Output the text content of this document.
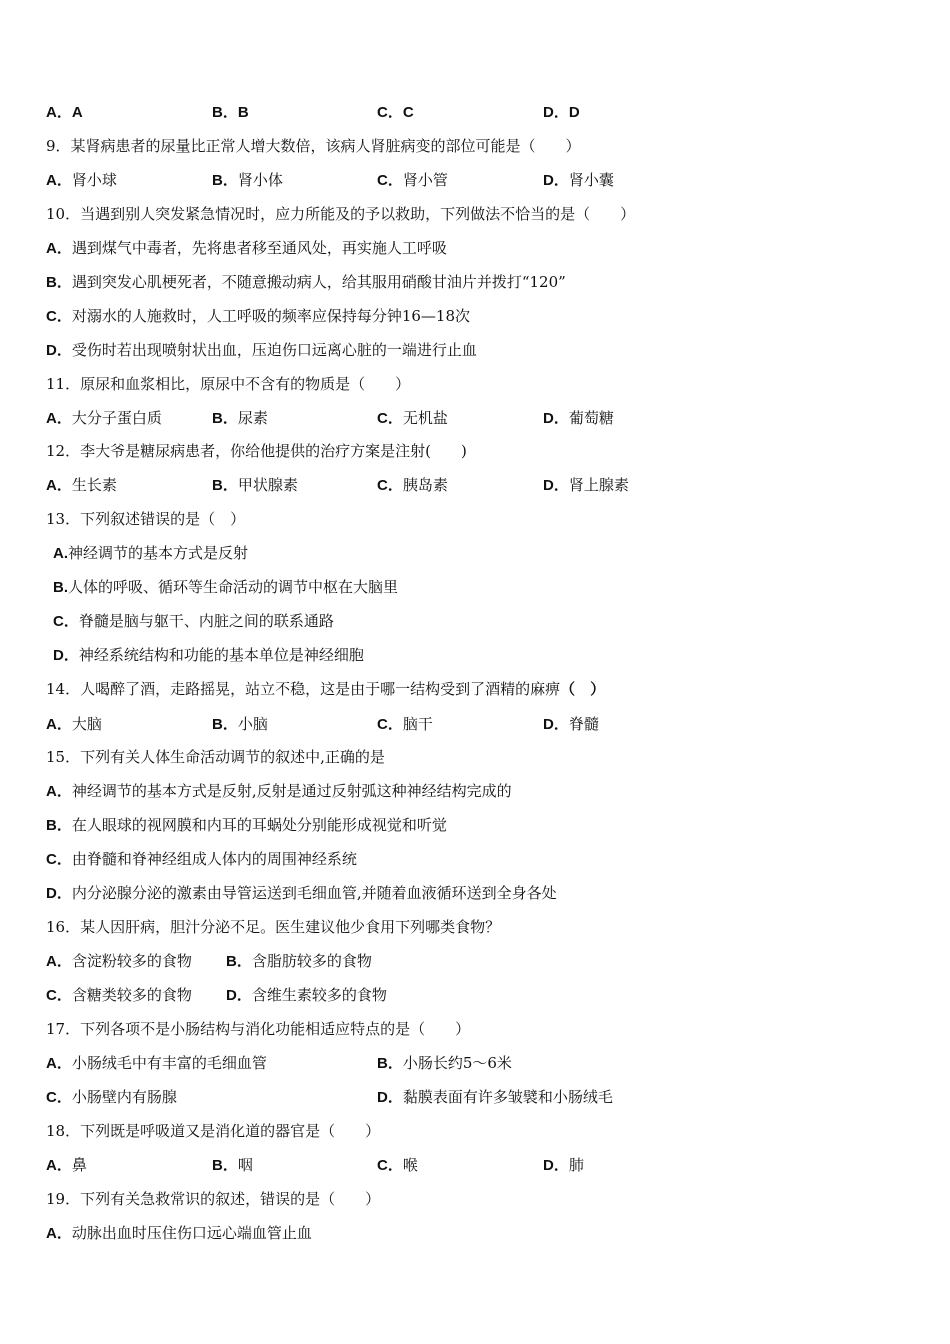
A．A	B．B	C．C	D．D
9．某肾病患者的尿量比正常人增大数倍，该病人肾脏病变的部位可能是（　　）
A．肾小球	B．肾小体	C．肾小管	D．肾小囊
10．当遇到别人突发紧急情况时，应力所能及的予以救助，下列做法不恰当的是（　　）
A．遇到煤气中毒者，先将患者移至通风处，再实施人工呼吸
B．遇到突发心肌梗死者，不随意搬动病人，给其服用硝酸甘油片并拨打“120”
C．对溺水的人施救时，人工呼吸的频率应保持每分钟16—18次
D．受伤时若出现喷射状出血，压迫伤口远离心脏的一端进行止血
11．原尿和血浆相比，原尿中不含有的物质是（　　）
A．大分子蛋白质	B．尿素	C．无机盐	D．葡萄糖
12．李大爷是糖尿病患者，你给他提供的治疗方案是注射(　　)
A．生长素	B．甲状腺素	C．胰岛素	D．肾上腺素
13．下列叙述错误的是（　）
A.神经调节的基本方式是反射
B.人体的呼吸、循环等生命活动的调节中枢在大脑里
C．脊髓是脑与躯干、内脏之间的联系通路
D．神经系统结构和功能的基本单位是神经细胞
14．人喝醉了酒，走路摇晃，站立不稳，这是由于哪一结构受到了酒精的麻痹（　）
A．大脑	B．小脑	C．脑干	D．脊髓
15．下列有关人体生命活动调节的叙述中,正确的是
A．神经调节的基本方式是反射,反射是通过反射弧这种神经结构完成的
B．在人眼球的视网膜和内耳的耳蜗处分别能形成视觉和听觉
C．由脊髓和脊神经组成人体内的周围神经系统
D．内分泌腺分泌的激素由导管运送到毛细血管,并随着血液循环送到全身各处
16．某人因肝病，胆汁分泌不足。医生建议他少食用下列哪类食物？
A．含淀粉较多的食物 B．含脂肪较多的食物
C．含糖类较多的食物 D．含维生素较多的食物
17．下列各项不是小肠结构与消化功能相适应特点的是（　　）
A．小肠绒毛中有丰富的毛细血管	B．小肠长约5～6米
C．小肠壁内有肠腺	D．黏膜表面有许多皱襞和小肠绒毛
18．下列既是呼吸道又是消化道的器官是（　　）
A．鼻	B．咽	C．喉	D．肺
19．下列有关急救常识的叙述，错误的是（　　）
A．动脉出血时压住伤口远心端血管止血
